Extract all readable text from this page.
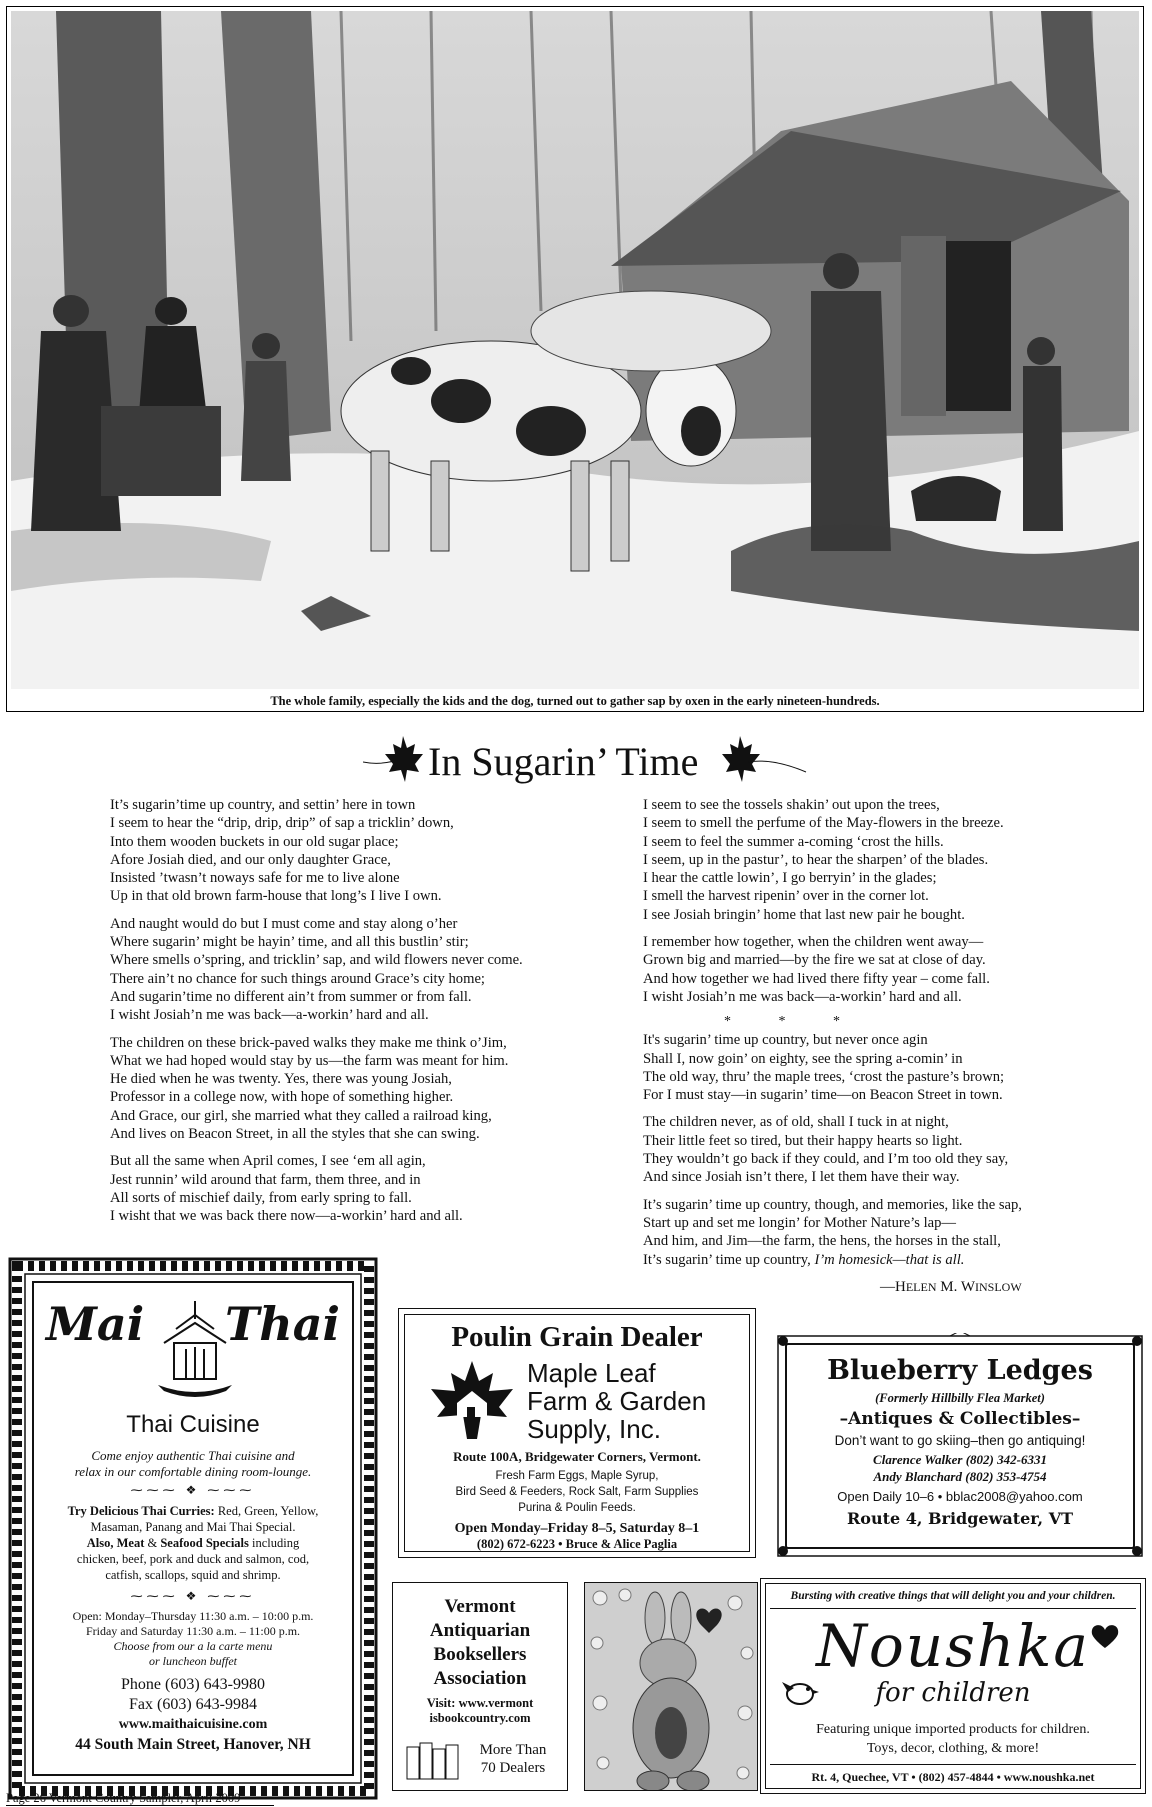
The whole family, especially the kids and the dog, turned out to gather sap by oxen in the early nineteen-hundreds.
In Sugarin’ Time
It’s sugarin’time up country, and settin’ here in town
I seem to hear the “drip, drip, drip” of sap a tricklin’ down,
Into them wooden buckets in our old sugar place;
Afore Josiah died, and our only daughter Grace,
Insisted ’twasn’t noways safe for me to live alone
Up in that old brown farm-house that long’s I live I own.
And naught would do but I must come and stay along o’her
Where sugarin’ might be hayin’ time, and all this bustlin’ stir;
Where smells o’spring, and tricklin’ sap, and wild flowers never come.
There ain’t no chance for such things around Grace’s city home;
And sugarin’time no different ain’t from summer or from fall.
I wisht Josiah’n me was back—a-workin’ hard and all.
The children on these brick-paved walks they make me think o’Jim,
What we had hoped would stay by us—the farm was meant for him.
He died when he was twenty. Yes, there was young Josiah,
Professor in a college now, with hope of something higher.
And Grace, our girl, she married what they called a railroad king,
And lives on Beacon Street, in all the styles that she can swing.
But all the same when April comes, I see ‘em all agin,
Jest runnin’ wild around that farm, them three, and in
All sorts of mischief daily, from early spring to fall.
I wisht that we was back there now—a-workin’ hard and all.
I seem to see the tossels shakin’ out upon the trees,
I seem to smell the perfume of the May-flowers in the breeze.
I seem to feel the summer a-coming ‘crost the hills.
I seem, up in the pastur’, to hear the sharpen’ of the blades.
I hear the cattle lowin’, I go berryin’ in the glades;
I smell the harvest ripenin’ over in the corner lot.
I see Josiah bringin’ home that last new pair he bought.
I remember how together, when the children went away—
Grown big and married—by the fire we sat at close of day.
And how together we had lived there fifty year – come fall.
I wisht Josiah’n me was back—a-workin’ hard and all.
* * *
It's sugarin’ time up country, but never once agin
Shall I, now goin’ on eighty, see the spring a-comin’ in
The old way, thru’ the maple trees, ‘crost the pasture’s brown;
For I must stay—in sugarin’ time—on Beacon Street in town.
The children never, as of old, shall I tuck in at night,
Their little feet so tired, but their happy hearts so light.
They wouldn’t go back if they could, and I’m too old they say,
And since Josiah isn’t there, I let them have their way.
It’s sugarin’ time up country, though, and memories, like the sap,
Start up and set me longin’ for Mother Nature’s lap—
And him, and Jim—the farm, the hens, the horses in the stall,
It’s sugarin’ time up country, I’m homesick—that is all.
—HELEN M. WINSLOW
Mai Thai
Thai Cuisine
Come enjoy authentic Thai cuisine and
relax in our comfortable dining room-lounge.
⁓⁓⁓ ❖ ⁓⁓⁓
Try Delicious Thai Curries: Red, Green, Yellow,
Masaman, Panang and Mai Thai Special.
Also, Meat & Seafood Specials including
chicken, beef, pork and duck and salmon, cod,
catfish, scallops, squid and shrimp.
⁓⁓⁓ ❖ ⁓⁓⁓
Open: Monday–Thursday 11:30 a.m. – 10:00 p.m.
Friday and Saturday 11:30 a.m. – 11:00 p.m.
Choose from our a la carte menu
or luncheon buffet
Phone (603) 643-9980
Fax (603) 643-9984
www.maithaicuisine.com
44 South Main Street, Hanover, NH
Poulin Grain Dealer
Maple Leaf
Farm & Garden
Supply, Inc.
Route 100A, Bridgewater Corners, Vermont.
Fresh Farm Eggs, Maple Syrup,
Bird Seed & Feeders, Rock Salt, Farm Supplies
Purina & Poulin Feeds.
Open Monday–Friday 8–5, Saturday 8–1
(802) 672-6223 • Bruce & Alice Paglia
Blueberry Ledges
(Formerly Hillbilly Flea Market)
–Antiques & Collectibles–
Don’t want to go skiing–then go antiquing!
Clarence Walker (802) 342-6331
Andy Blanchard (802) 353-4754
Open Daily 10–6 • bblac2008@yahoo.com
Route 4, Bridgewater, VT
Vermont
Antiquarian
Booksellers
Association
Visit: www.vermont
isbookcountry.com
More Than
70 Dealers
Bursting with creative things that will delight you and your children.
Noushka
for children
Featuring unique imported products for children.
Toys, decor, clothing, & more!
Rt. 4, Quechee, VT • (802) 457-4844 • www.noushka.net
Page 26 Vermont Country Sampler, April 2009
